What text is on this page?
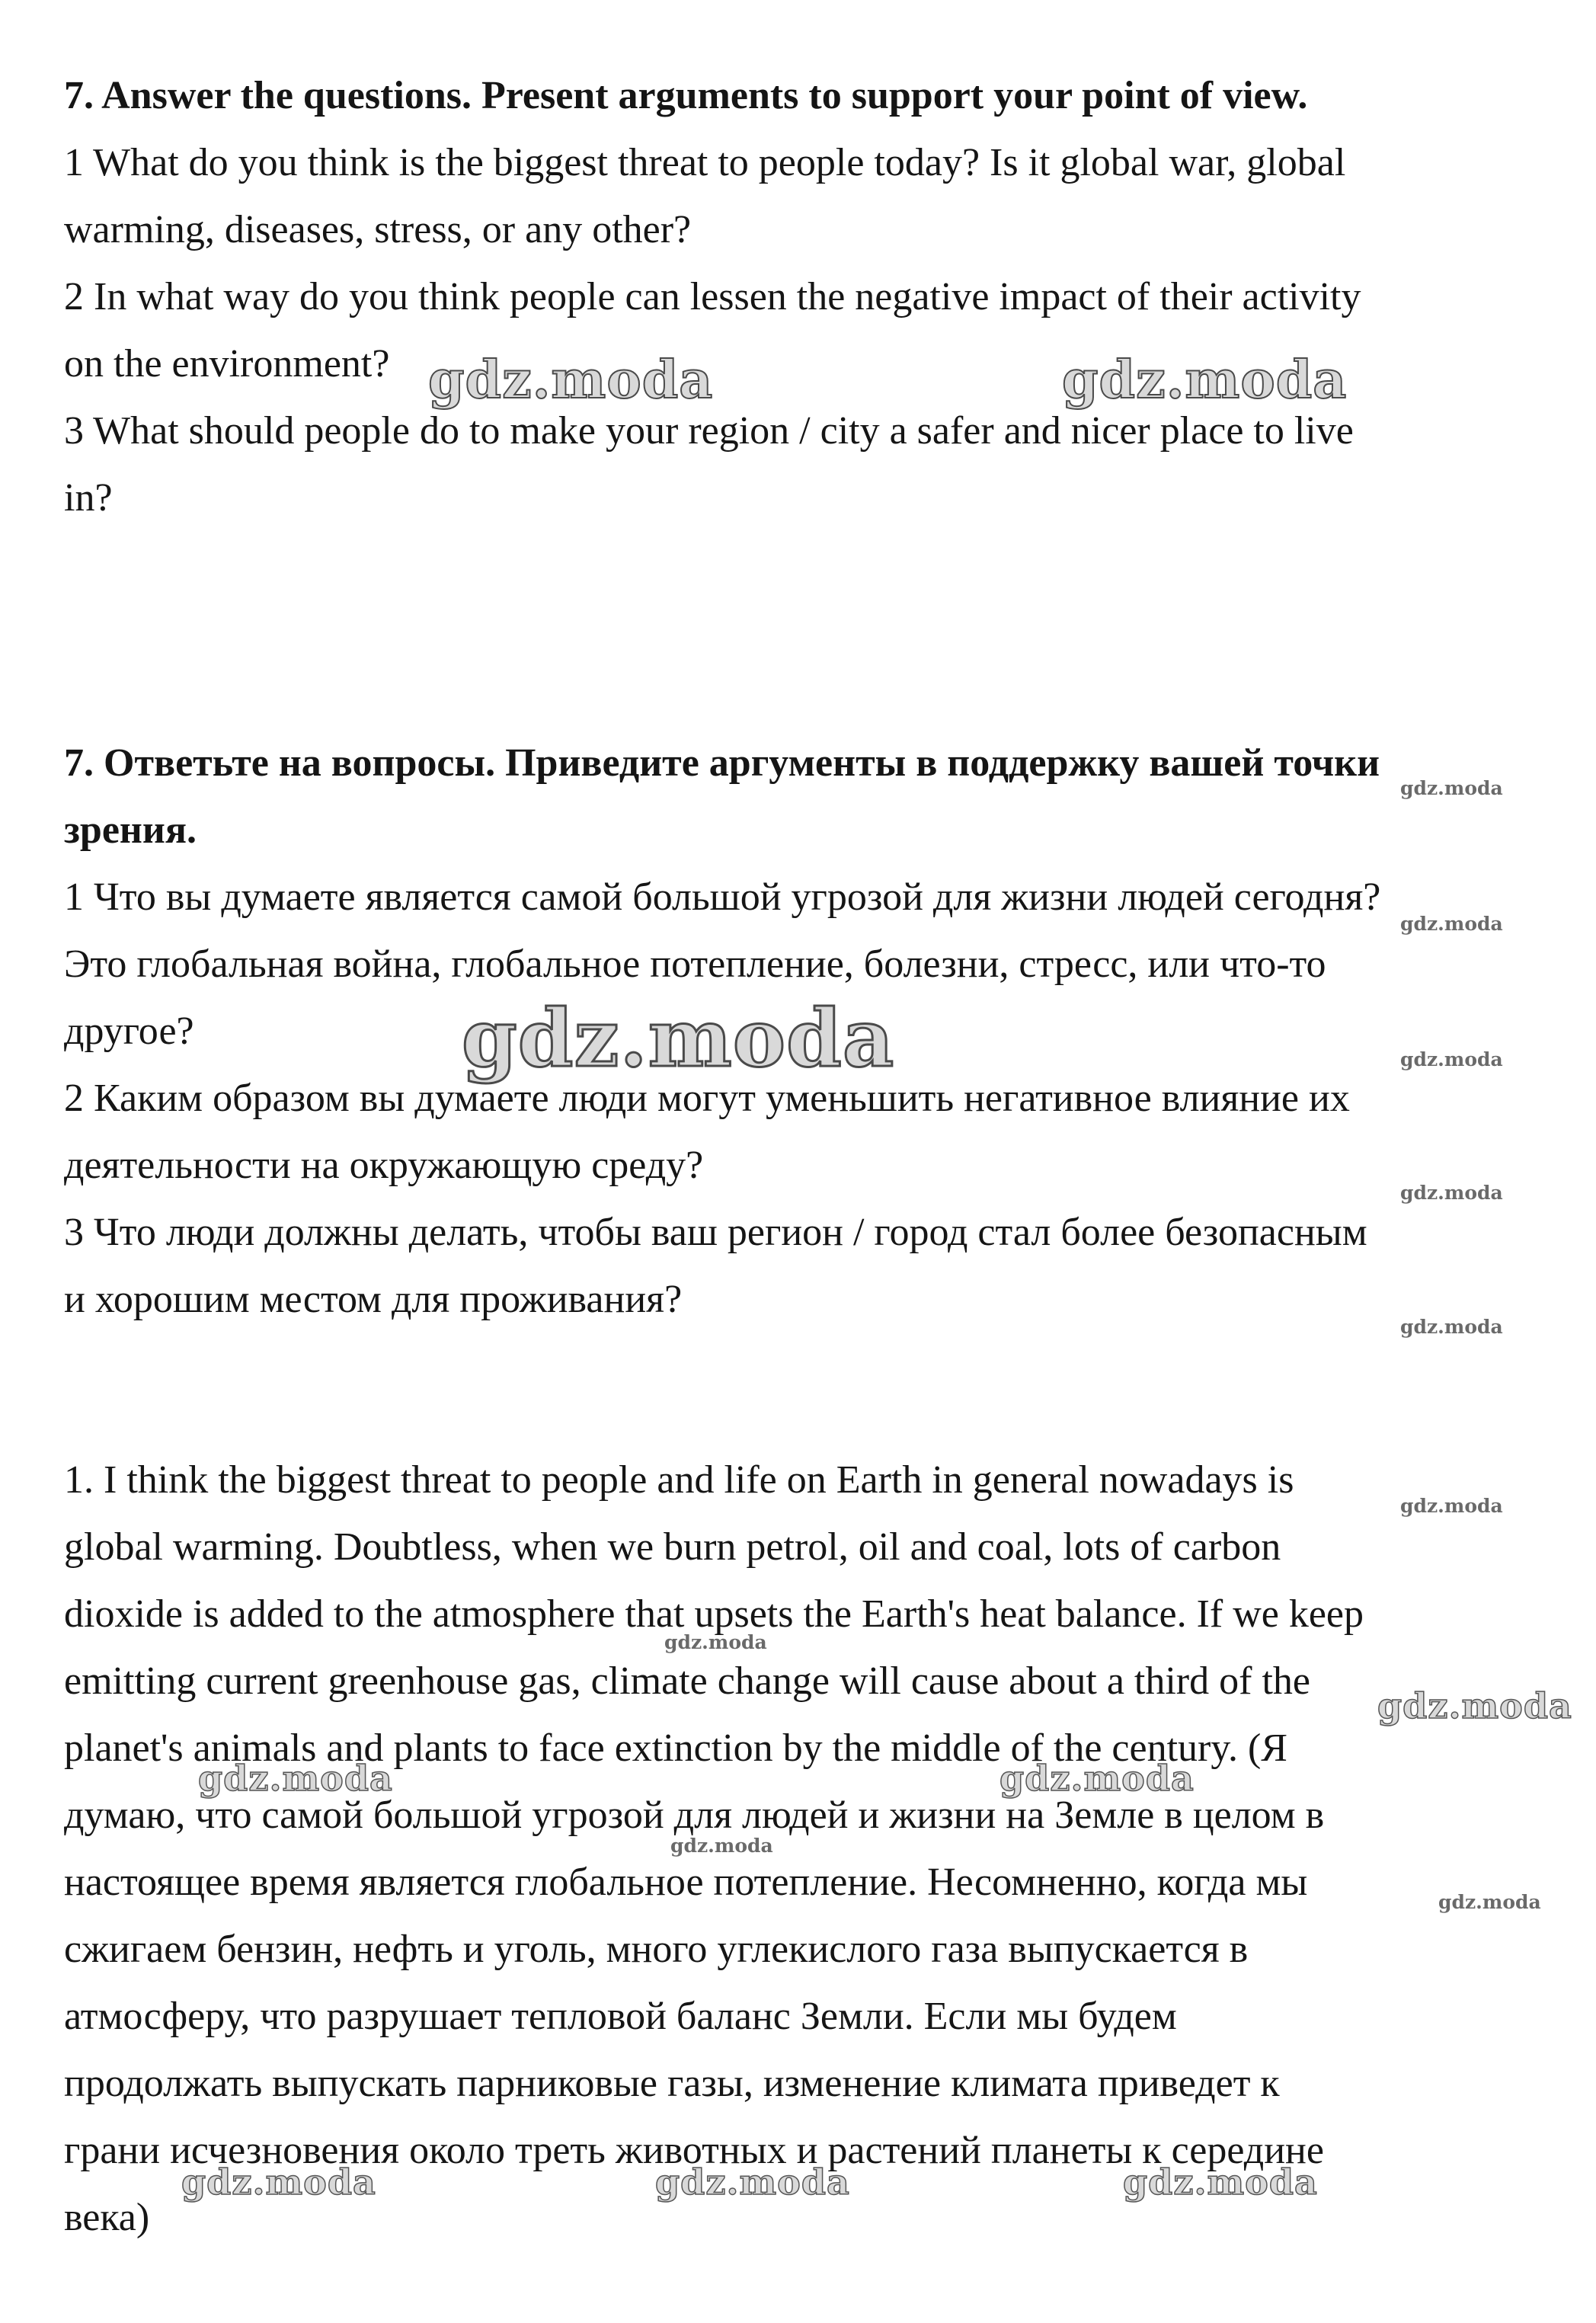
7. Answer the questions. Present arguments to support your point of view.
1 What do you think is the biggest threat to people today? Is it global war, global
warming, diseases, stress, or any other?
2 In what way do you think people can lessen the negative impact of their activity
on the environment?
3 What should people do to make your region / city a safer and nicer place to live
in?
7. Ответьте на вопросы. Приведите аргументы в поддержку вашей точки
зрения.
1 Что вы думаете является самой большой угрозой для жизни людей сегодня?
Это глобальная война, глобальное потепление, болезни, стресс, или что-то
другое?
2 Каким образом вы думаете люди могут уменьшить негативное влияние их
деятельности на окружающую среду?
3 Что люди должны делать, чтобы ваш регион / город стал более безопасным
и хорошим местом для проживания?
1. I think the biggest threat to people and life on Earth in general nowadays is
global warming. Doubtless, when we burn petrol, oil and coal, lots of carbon
dioxide is added to the atmosphere that upsets the Earth's heat balance. If we keep
emitting current greenhouse gas, climate change will cause about a third of the
planet's animals and plants to face extinction by the middle of the century. (Я
думаю, что самой большой угрозой для людей и жизни на Земле в целом в
настоящее время является глобальное потепление. Несомненно, когда мы
сжигаем бензин, нефть и уголь, много углекислого газа выпускается в
атмосферу, что разрушает тепловой баланс Земли. Если мы будем
продолжать выпускать парниковые газы, изменение климата приведет к
грани исчезновения около треть животных и растений планеты к середине
века)
gdz.moda	gdz.moda
gdz.moda
gdz.moda
gdz.moda
gdz.moda
gdz.moda
gdz.moda
gdz.moda
gdz.moda
gdz.moda
gdz.moda
gdz.moda
gdz.moda	gdz.moda
gdz.moda	gdz.moda	gdz.moda
